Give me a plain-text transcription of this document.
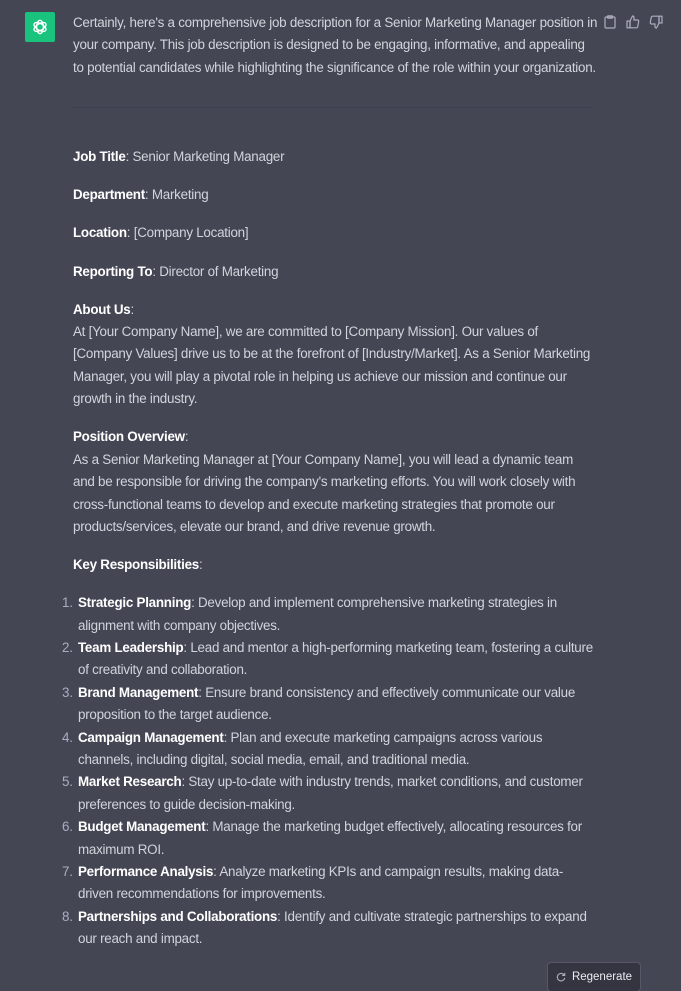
Certainly, here's a comprehensive job description for a Senior Marketing Manager position in your company. This job description is designed to be engaging, informative, and appealing to potential candidates while highlighting the significance of the role within your organization.

Job Title: Senior Marketing Manager

Department: Marketing

Location: [Company Location]

Reporting To: Director of Marketing

About Us:
At [Your Company Name], we are committed to [Company Mission]. Our values of [Company Values] drive us to be at the forefront of [Industry/Market]. As a Senior Marketing Manager, you will play a pivotal role in helping us achieve our mission and continue our growth in the industry.

Position Overview:
As a Senior Marketing Manager at [Your Company Name], you will lead a dynamic team and be responsible for driving the company's marketing efforts. You will work closely with cross-functional teams to develop and execute marketing strategies that promote our products/services, elevate our brand, and drive revenue growth.

Key Responsibilities:

1. Strategic Planning: Develop and implement comprehensive marketing strategies in alignment with company objectives.
2. Team Leadership: Lead and mentor a high-performing marketing team, fostering a culture of creativity and collaboration.
3. Brand Management: Ensure brand consistency and effectively communicate our value proposition to the target audience.
4. Campaign Management: Plan and execute marketing campaigns across various channels, including digital, social media, email, and traditional media.
5. Market Research: Stay up-to-date with industry trends, market conditions, and customer preferences to guide decision-making.
6. Budget Management: Manage the marketing budget effectively, allocating resources for maximum ROI.
7. Performance Analysis: Analyze marketing KPIs and campaign results, making data-driven recommendations for improvements.
8. Partnerships and Collaborations: Identify and cultivate strategic partnerships to expand our reach and impact.
Regenerate
